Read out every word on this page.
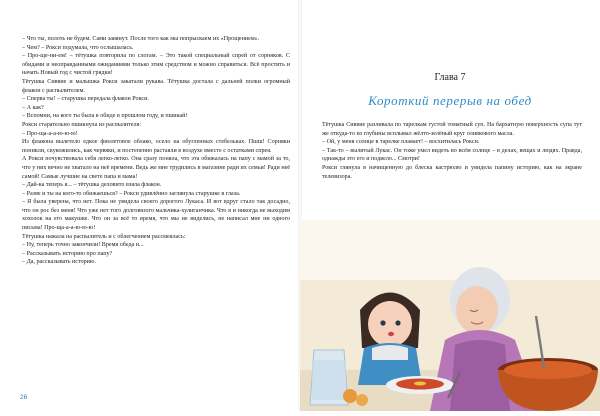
– Что ты, полоть не будем. Сами завянут. После того как мы попрыскаем их «Прощением».

– Чем? – Рокси подумала, что ослышалась.

– Про-ще-ни-ем! – тётушка повторила по слогам. – Это такой специальный спрей от сорняков. С обидами и неоправданными ожиданиями только этим средством и можно справиться. Всё простить и начать Новый год с чистой грядки!

Тётушка Сиввие и малышка Рокси закатали рукава. Тётушка достала с дальней полки огромный флакон с распылителем.

– Сперва ты! – старушка передала флакон Рокси.

– А как?

– Вспомни, на кого ты была в обиде в прошлом году, и пшикай!

Рокси старательно пшикнула из распылителя:

– Про-ща-а-а-ю-ю-ю!

Из флакона вылетело едкое фиолетовое облако, осело на обугленных стебельках. Пшш! Сорняки поникли, скукожились, как червяки, и постепенно растаяли в воздухе вместе с остатками спрея.

А Рокси почувствовала себя легко-легко. Она сразу поняла, что эта обижалась на папу с мамой за то, что у них вечно не хватало на неё времени. Ведь же мне трудились в магазине ради их семьи! Ради неё самой! Самые лучшие на свете папа и мама!

– Дай-ка теперь я... – тётушка деловито взяла флакон.

– Разве и ты на кого-то обижаешься? – Рокси удивлённо заглянула старушке в глаза.

– Я была уверена, что нет. Пока не увидела своего дорогого Лукаса. И вот вдруг стало так досадно, что он рос без меня! Что уже нет того долговязого мальчика-хулиганчика. Что я и никогда не выходим хохолок на его макушке. Что он за всё то время, что мы не виделись, не написал мне ни одного письма! Про-ща-а-а-ю-ю-ю!

Тётушка нажала на распылитель и с облегчением рассмеялась:

– Ну, теперь точно закончили! Время обеда и...

– Рассказывать историю про папу?

– Да, рассказывать историю.

26
Глава 7
Короткий перерыв на обед

Тётушка Сиввие разливала по тарелкам густой томатный суп. На бархатную поверхность супа тут же откуда-то из глубины всплывал жёлто-зелёный круг оливкового масла.

– Ой, у меня солнце в тарелке плавает! – восхитилась Рокси.

– Так-то – вылитый Лукас. Он тоже умел видеть во всём солнце – в делах, вещах и людях. Правда, однажды это его и подвело... Смотри!

Рокси глянула в начищенную до блеска кастрюлю и увидела папину историю, как на экране телевизора.
